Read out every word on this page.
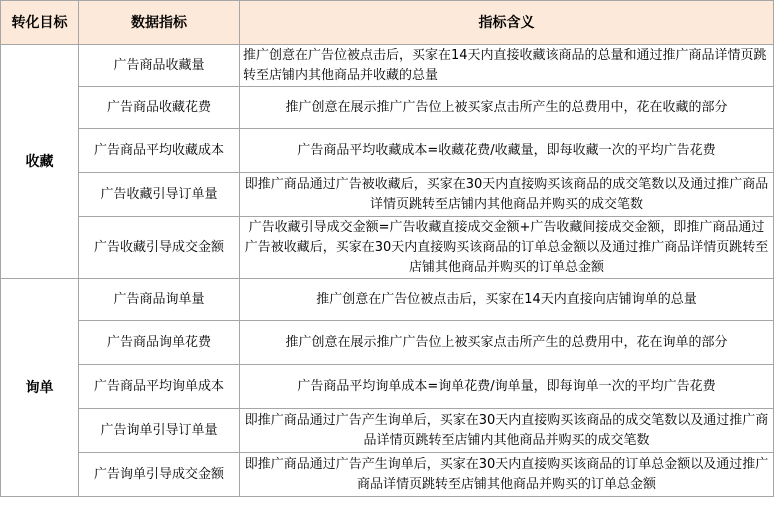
转化目标	数据指标	指标含义
收藏	广告商品收藏量	推广创意在广告位被点击后，买家在14天内直接收藏该商品的总量和通过推广商品详情页跳转至店铺内其他商品并收藏的总量
	广告商品收藏花费	推广创意在展示推广广告位上被买家点击所产生的总费用中，花在收藏的部分
	广告商品平均收藏成本	广告商品平均收藏成本=收藏花费/收藏量，即每收藏一次的平均广告花费
	广告收藏引导订单量	即推广商品通过广告被收藏后，买家在30天内直接购买该商品的成交笔数以及通过推广商品详情页跳转至店铺内其他商品并购买的成交笔数
	广告收藏引导成交金额	广告收藏引导成交金额=广告收藏直接成交金额+广告收藏间接成交金额，即推广商品通过广告被收藏后，买家在30天内直接购买该商品的订单总金额以及通过推广商品详情页跳转至店铺其他商品并购买的订单总金额
询单	广告商品询单量	推广创意在广告位被点击后，买家在14天内直接向店铺询单的总量
	广告商品询单花费	推广创意在展示推广广告位上被买家点击所产生的总费用中，花在询单的部分
	广告商品平均询单成本	广告商品平均询单成本=询单花费/询单量，即每询单一次的平均广告花费
	广告询单引导订单量	即推广商品通过广告产生询单后，买家在30天内直接购买该商品的成交笔数以及通过推广商品详情页跳转至店铺内其他商品并购买的成交笔数
	广告询单引导成交金额	即推广商品通过广告产生询单后，买家在30天内直接购买该商品的订单总金额以及通过推广商品详情页跳转至店铺其他商品并购买的订单总金额
